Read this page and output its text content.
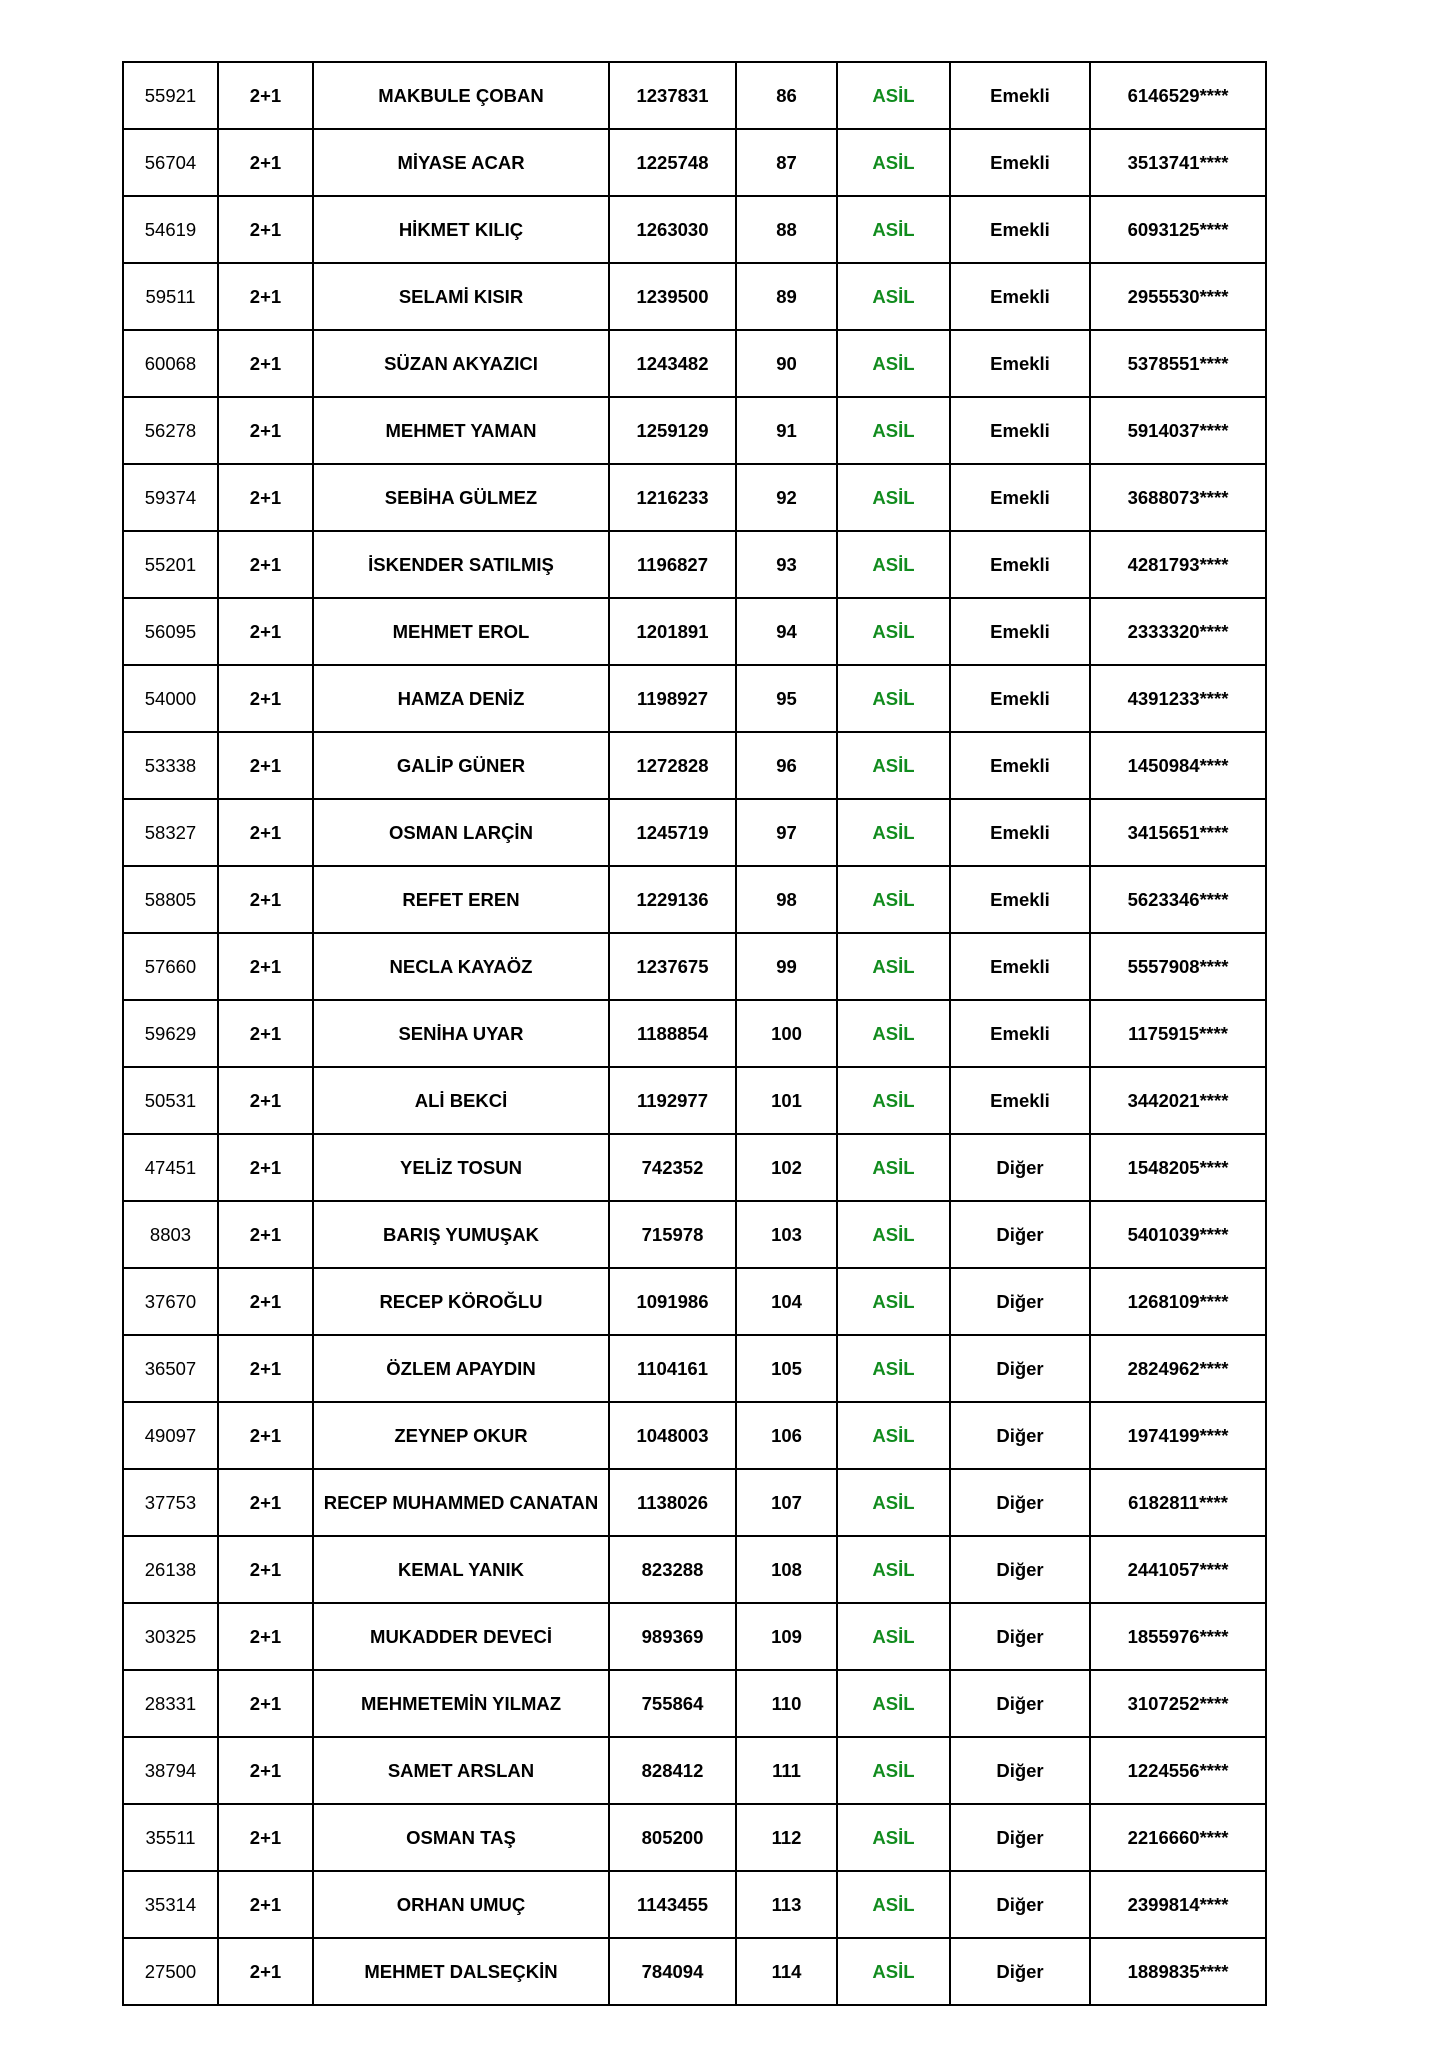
55921	2+1	MAKBULE ÇOBAN	1237831	86	ASİL	Emekli	6146529****
56704	2+1	MİYASE ACAR	1225748	87	ASİL	Emekli	3513741****
54619	2+1	HİKMET KILIÇ	1263030	88	ASİL	Emekli	6093125****
59511	2+1	SELAMİ KISIR	1239500	89	ASİL	Emekli	2955530****
60068	2+1	SÜZAN AKYAZICI	1243482	90	ASİL	Emekli	5378551****
56278	2+1	MEHMET YAMAN	1259129	91	ASİL	Emekli	5914037****
59374	2+1	SEBİHA GÜLMEZ	1216233	92	ASİL	Emekli	3688073****
55201	2+1	İSKENDER SATILMIŞ	1196827	93	ASİL	Emekli	4281793****
56095	2+1	MEHMET EROL	1201891	94	ASİL	Emekli	2333320****
54000	2+1	HAMZA DENİZ	1198927	95	ASİL	Emekli	4391233****
53338	2+1	GALİP GÜNER	1272828	96	ASİL	Emekli	1450984****
58327	2+1	OSMAN LARÇİN	1245719	97	ASİL	Emekli	3415651****
58805	2+1	REFET EREN	1229136	98	ASİL	Emekli	5623346****
57660	2+1	NECLA KAYAÖZ	1237675	99	ASİL	Emekli	5557908****
59629	2+1	SENİHA UYAR	1188854	100	ASİL	Emekli	1175915****
50531	2+1	ALİ BEKCİ	1192977	101	ASİL	Emekli	3442021****
47451	2+1	YELİZ TOSUN	742352	102	ASİL	Diğer	1548205****
8803	2+1	BARIŞ YUMUŞAK	715978	103	ASİL	Diğer	5401039****
37670	2+1	RECEP KÖROĞLU	1091986	104	ASİL	Diğer	1268109****
36507	2+1	ÖZLEM APAYDIN	1104161	105	ASİL	Diğer	2824962****
49097	2+1	ZEYNEP OKUR	1048003	106	ASİL	Diğer	1974199****
37753	2+1	RECEP MUHAMMED CANATAN	1138026	107	ASİL	Diğer	6182811****
26138	2+1	KEMAL YANIK	823288	108	ASİL	Diğer	2441057****
30325	2+1	MUKADDER DEVECİ	989369	109	ASİL	Diğer	1855976****
28331	2+1	MEHMETEMİN YILMAZ	755864	110	ASİL	Diğer	3107252****
38794	2+1	SAMET ARSLAN	828412	111	ASİL	Diğer	1224556****
35511	2+1	OSMAN TAŞ	805200	112	ASİL	Diğer	2216660****
35314	2+1	ORHAN UMUÇ	1143455	113	ASİL	Diğer	2399814****
27500	2+1	MEHMET DALSEÇKİN	784094	114	ASİL	Diğer	1889835****
